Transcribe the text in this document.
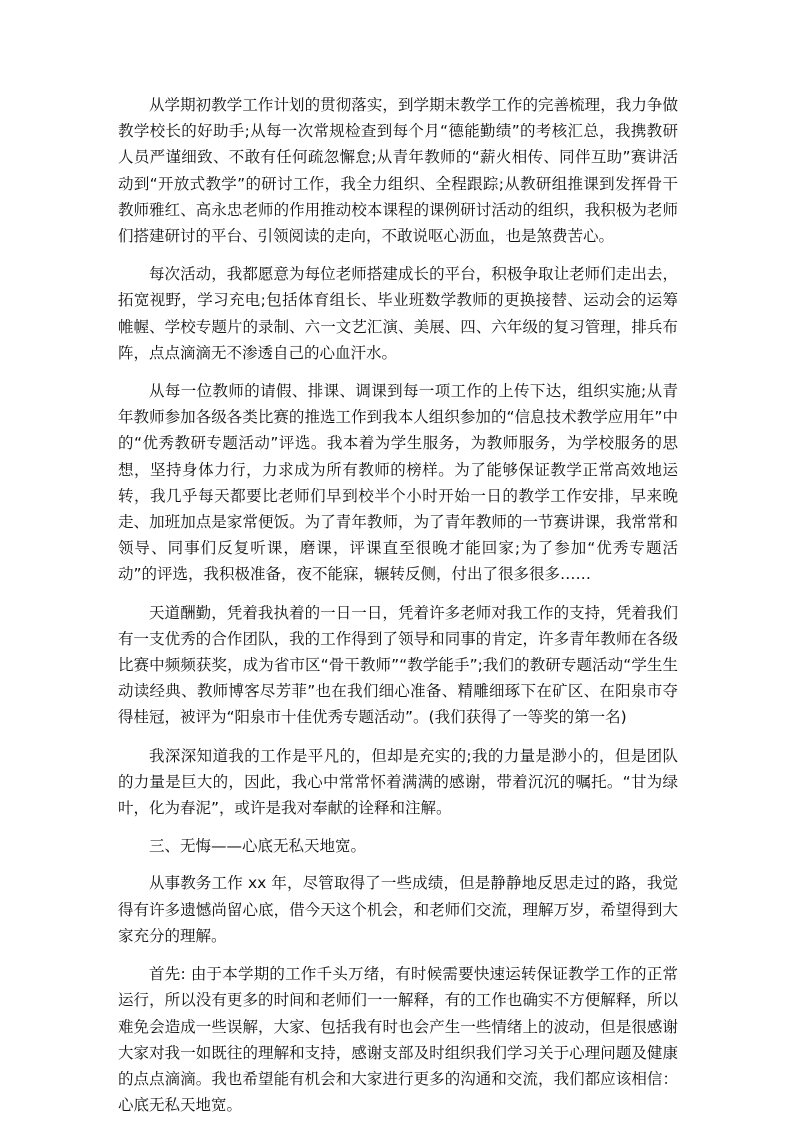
从学期初教学工作计划的贯彻落实，到学期末教学工作的完善梳理，我力争做教学校长的好助手;从每一次常规检查到每个月“德能勤绩”的考核汇总，我携教研人员严谨细致、不敢有任何疏忽懈怠;从青年教师的“薪火相传、同伴互助”赛讲活动到“开放式教学”的研讨工作，我全力组织、全程跟踪;从教研组推课到发挥骨干教师雅红、高永忠老师的作用推动校本课程的课例研讨活动的组织，我积极为老师们搭建研讨的平台、引领阅读的走向，不敢说呕心沥血，也是煞费苦心。

每次活动，我都愿意为每位老师搭建成长的平台，积极争取让老师们走出去，拓宽视野，学习充电;包括体育组长、毕业班数学教师的更换接替、运动会的运筹帷幄、学校专题片的录制、六一文艺汇演、美展、四、六年级的复习管理，排兵布阵，点点滴滴无不渗透自己的心血汗水。

从每一位教师的请假、排课、调课到每一项工作的上传下达，组织实施;从青年教师参加各级各类比赛的推选工作到我本人组织参加的“信息技术教学应用年”中的“优秀教研专题活动”评选。我本着为学生服务，为教师服务，为学校服务的思想，坚持身体力行，力求成为所有教师的榜样。为了能够保证教学正常高效地运转，我几乎每天都要比老师们早到校半个小时开始一日的教学工作安排，早来晚走、加班加点是家常便饭。为了青年教师，为了青年教师的一节赛讲课，我常常和领导、同事们反复听课，磨课，评课直至很晚才能回家;为了参加“优秀专题活动”的评选，我积极准备，夜不能寐，辗转反侧，付出了很多很多……

天道酬勤，凭着我执着的一日一日，凭着许多老师对我工作的支持，凭着我们有一支优秀的合作团队，我的工作得到了领导和同事的肯定，许多青年教师在各级比赛中频频获奖，成为省市区“骨干教师”“教学能手”;我们的教研专题活动“学生生动读经典、教师博客尽芳菲”也在我们细心准备、精雕细琢下在矿区、在阳泉市夺得桂冠，被评为“阳泉市十佳优秀专题活动”。(我们获得了一等奖的第一名)

我深深知道我的工作是平凡的，但却是充实的;我的力量是渺小的，但是团队的力量是巨大的，因此，我心中常常怀着满满的感谢，带着沉沉的嘱托。“甘为绿叶，化为春泥”，或许是我对奉献的诠释和注解。

三、无悔——心底无私天地宽。

从事教务工作 xx 年，尽管取得了一些成绩，但是静静地反思走过的路，我觉得有许多遗憾尚留心底，借今天这个机会，和老师们交流，理解万岁，希望得到大家充分的理解。

首先: 由于本学期的工作千头万绪，有时候需要快速运转保证教学工作的正常运行，所以没有更多的时间和老师们一一解释，有的工作也确实不方便解释，所以难免会造成一些误解，大家、包括我有时也会产生一些情绪上的波动，但是很感谢大家对我一如既往的理解和支持，感谢支部及时组织我们学习关于心理问题及健康的点点滴滴。我也希望能有机会和大家进行更多的沟通和交流，我们都应该相信：心底无私天地宽。
